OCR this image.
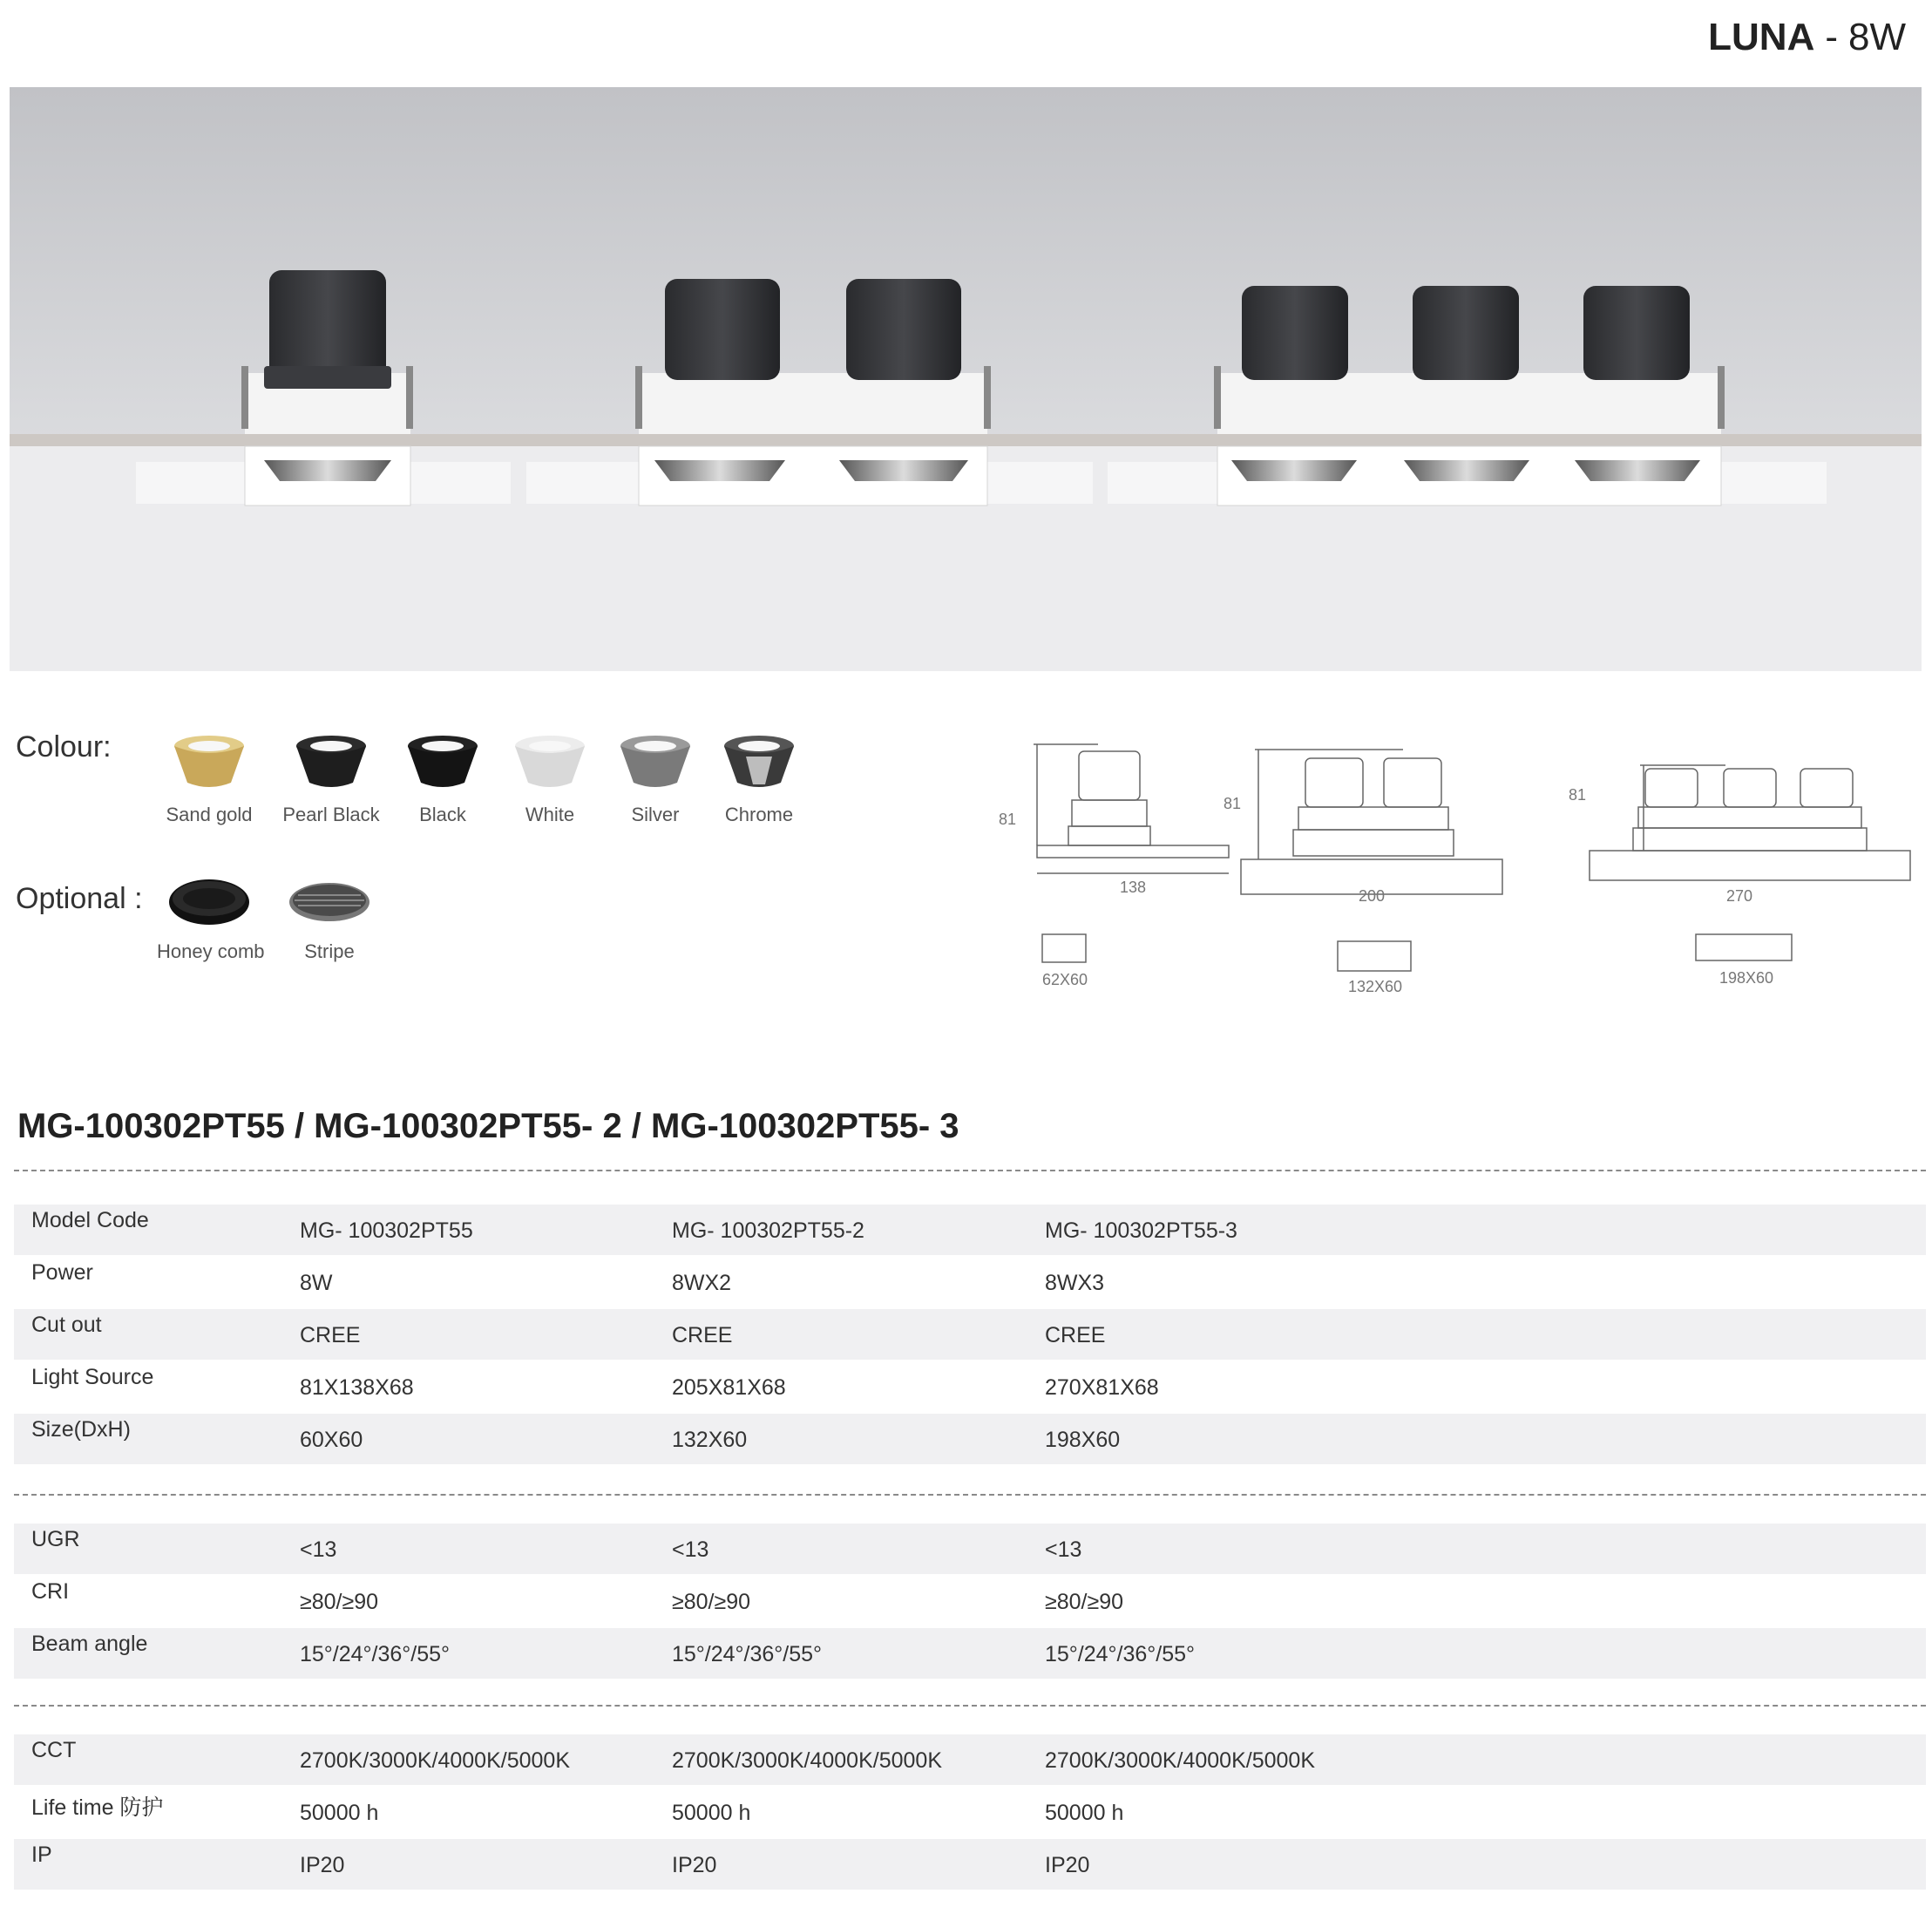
LUNA - 8W
Colour:
Sand gold	Pearl Black	Black	White	Silver	Chrome
Optional :
Honey comb	Stripe
81
138
62X60
81
200
132X60
81
270
198X60
MG-100302PT55 / MG-100302PT55- 2 / MG-100302PT55- 3
Model Code	MG- 100302PT55	MG- 100302PT55-2	MG- 100302PT55-3
Power	8W	8WX2	8WX3
Cut out	CREE	CREE	CREE
Light Source	81X138X68	205X81X68	270X81X68
Size(DxH)	60X60	132X60	198X60
UGR	<13	<13	<13
CRI	≥80/≥90	≥80/≥90	≥80/≥90
Beam angle	15°/24°/36°/55°	15°/24°/36°/55°	15°/24°/36°/55°
CCT	2700K/3000K/4000K/5000K	2700K/3000K/4000K/5000K	2700K/3000K/4000K/5000K
Life time 防护	50000 h	50000 h	50000 h
IP	IP20	IP20	IP20
